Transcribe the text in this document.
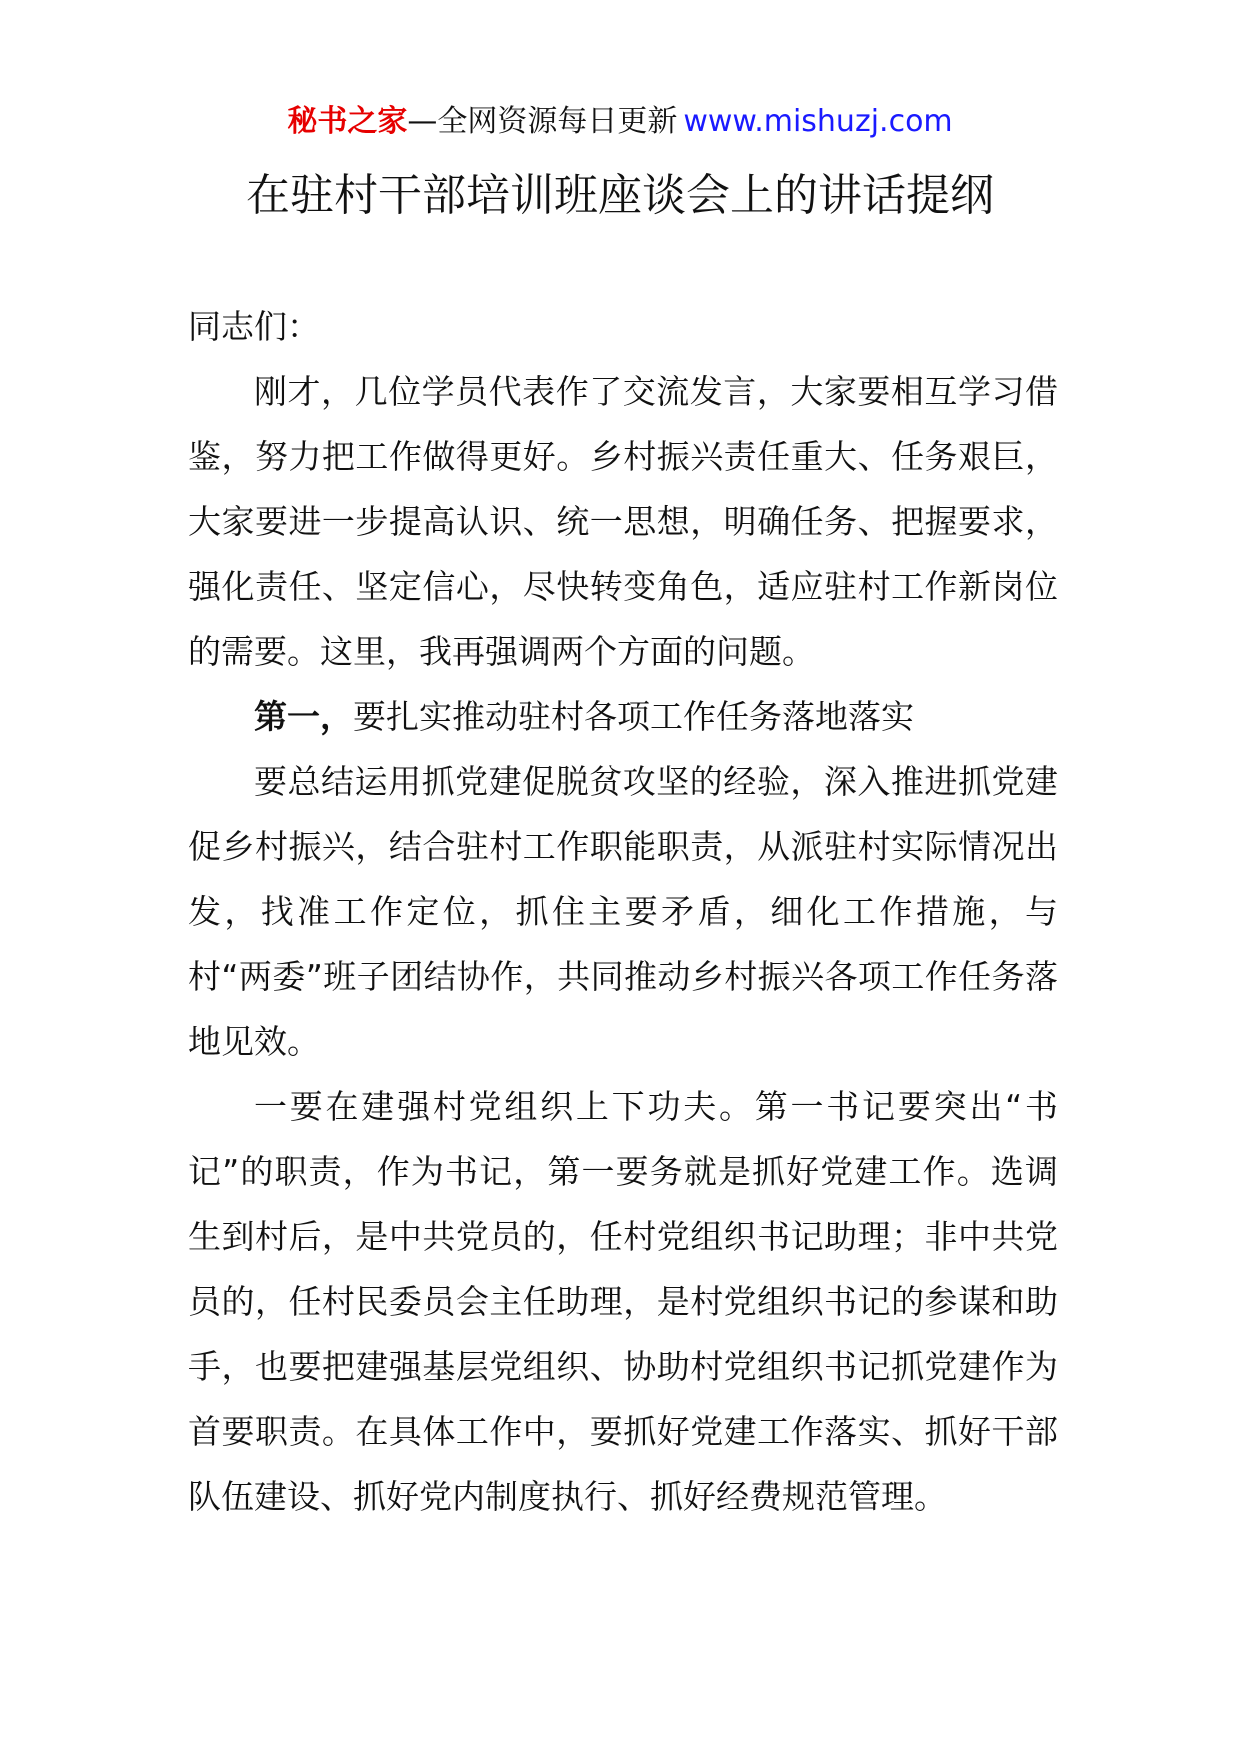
秘书之家—全网资源每日更新 www.mishuzj.com
在驻村干部培训班座谈会上的讲话提纲

同志们：

刚才，几位学员代表作了交流发言，大家要相互学习借鉴，努力把工作做得更好。乡村振兴责任重大、任务艰巨，大家要进一步提高认识、统一思想，明确任务、把握要求，强化责任、坚定信心，尽快转变角色，适应驻村工作新岗位的需要。这里，我再强调两个方面的问题。

第一，要扎实推动驻村各项工作任务落地落实

要总结运用抓党建促脱贫攻坚的经验，深入推进抓党建促乡村振兴，结合驻村工作职能职责，从派驻村实际情况出发，找准工作定位，抓住主要矛盾，细化工作措施，与村“两委”班子团结协作，共同推动乡村振兴各项工作任务落地见效。

一要在建强村党组织上下功夫。第一书记要突出“书记”的职责，作为书记，第一要务就是抓好党建工作。选调生到村后，是中共党员的，任村党组织书记助理；非中共党员的，任村民委员会主任助理，是村党组织书记的参谋和助手，也要把建强基层党组织、协助村党组织书记抓党建作为首要职责。在具体工作中，要抓好党建工作落实、抓好干部队伍建设、抓好党内制度执行、抓好经费规范管理。
